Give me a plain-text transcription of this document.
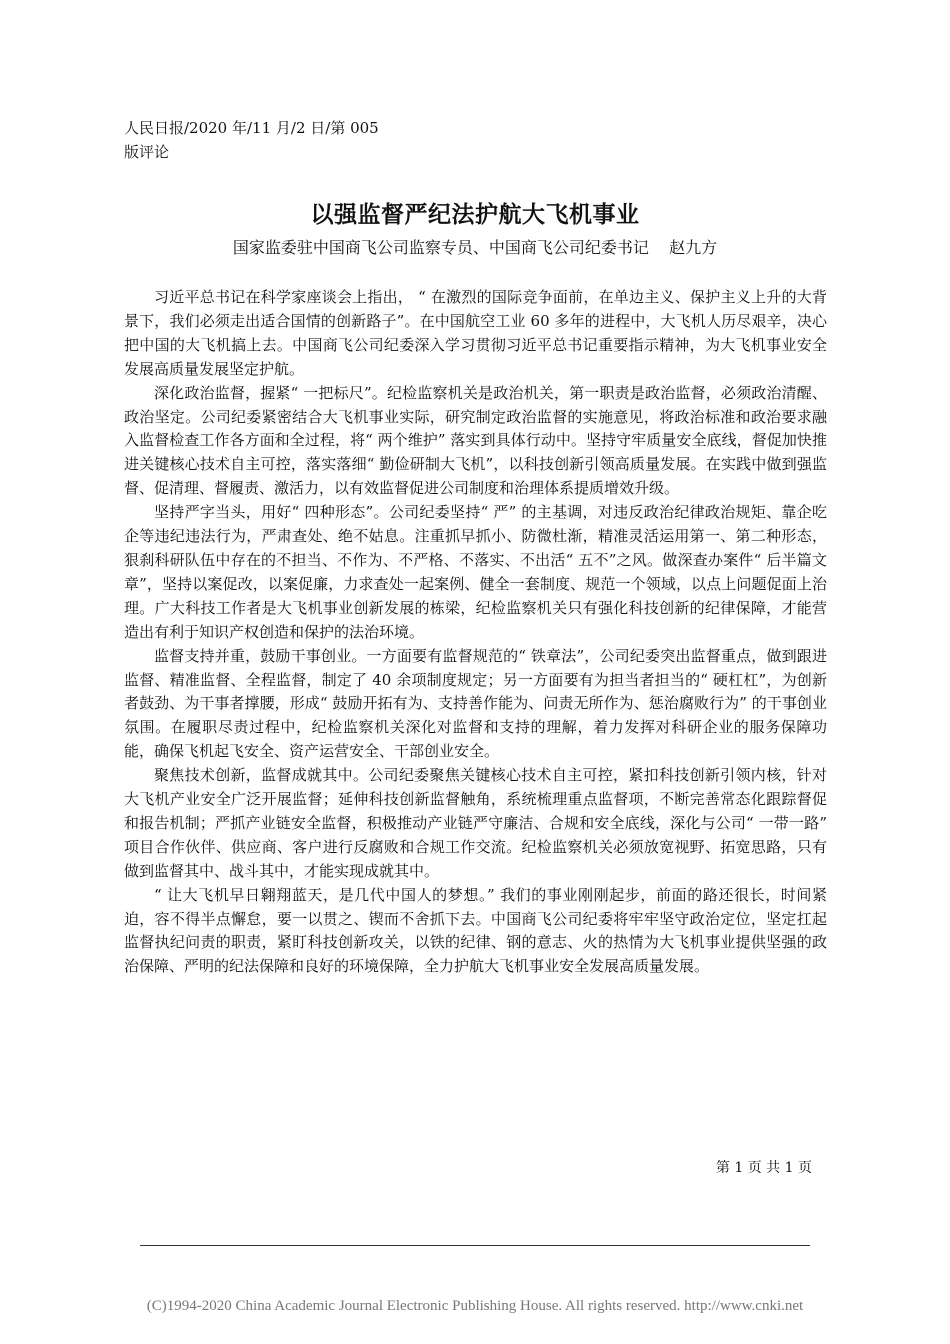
人民日报/2020 年/11 月/2 日/第 005 版评论
以强监督严纪法护航大飞机事业
国家监委驻中国商飞公司监察专员、中国商飞公司纪委书记    赵九方

习近平总书记在科学家座谈会上指出， “ 在激烈的国际竞争面前，在单边主义、保护主义上升的大背景下，我们必须走出适合国情的创新路子”。在中国航空工业 60 多年的进程中，大飞机人历尽艰辛，决心把中国的大飞机搞上去。中国商飞公司纪委深入学习贯彻习近平总书记重要指示精神，为大飞机事业安全发展高质量发展坚定护航。

深化政治监督，握紧“ 一把标尺”。纪检监察机关是政治机关，第一职责是政治监督，必须政治清醒、政治坚定。公司纪委紧密结合大飞机事业实际，研究制定政治监督的实施意见，将政治标准和政治要求融入监督检查工作各方面和全过程，将“ 两个维护” 落实到具体行动中。坚持守牢质量安全底线，督促加快推进关键核心技术自主可控，落实落细“ 勤俭研制大飞机”，以科技创新引领高质量发展。在实践中做到强监督、促清理、督履责、激活力，以有效监督促进公司制度和治理体系提质增效升级。

坚持严字当头，用好“ 四种形态”。公司纪委坚持“ 严” 的主基调，对违反政治纪律政治规矩、靠企吃企等违纪违法行为，严肃查处、绝不姑息。注重抓早抓小、防微杜渐，精准灵活运用第一、第二种形态，狠刹科研队伍中存在的不担当、不作为、不严格、不落实、不出活“ 五不”之风。做深查办案件“ 后半篇文章”，坚持以案促改，以案促廉，力求查处一起案例、健全一套制度、规范一个领域，以点上问题促面上治理。广大科技工作者是大飞机事业创新发展的栋梁，纪检监察机关只有强化科技创新的纪律保障，才能营造出有利于知识产权创造和保护的法治环境。

监督支持并重，鼓励干事创业。一方面要有监督规范的“ 铁章法”，公司纪委突出监督重点，做到跟进监督、精准监督、全程监督，制定了 40 余项制度规定；另一方面要有为担当者担当的“ 硬杠杠”，为创新者鼓劲、为干事者撑腰，形成“ 鼓励开拓有为、支持善作能为、问责无所作为、惩治腐败行为” 的干事创业氛围。在履职尽责过程中，纪检监察机关深化对监督和支持的理解，着力发挥对科研企业的服务保障功能，确保飞机起飞安全、资产运营安全、干部创业安全。

聚焦技术创新，监督成就其中。公司纪委聚焦关键核心技术自主可控，紧扣科技创新引领内核，针对大飞机产业安全广泛开展监督；延伸科技创新监督触角，系统梳理重点监督项，不断完善常态化跟踪督促和报告机制；严抓产业链安全监督，积极推动产业链严守廉洁、合规和安全底线，深化与公司“ 一带一路” 项目合作伙伴、供应商、客户进行反腐败和合规工作交流。纪检监察机关必须放宽视野、拓宽思路，只有做到监督其中、战斗其中，才能实现成就其中。

“ 让大飞机早日翱翔蓝天，是几代中国人的梦想。” 我们的事业刚刚起步，前面的路还很长，时间紧迫，容不得半点懈怠，要一以贯之、锲而不舍抓下去。中国商飞公司纪委将牢牢坚守政治定位，坚定扛起监督执纪问责的职责，紧盯科技创新攻关，以铁的纪律、钢的意志、火的热情为大飞机事业提供坚强的政治保障、严明的纪法保障和良好的环境保障，全力护航大飞机事业安全发展高质量发展。

第 1 页 共 1 页
(C)1994-2020 China Academic Journal Electronic Publishing House. All rights reserved. http://www.cnki.net
